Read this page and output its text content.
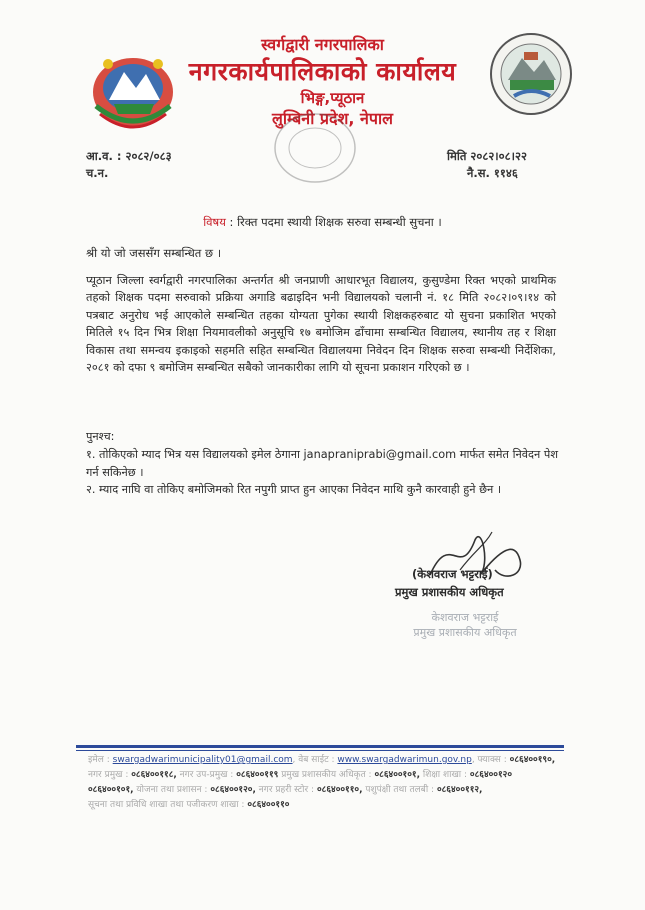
स्वर्गद्वारी नगरपालिका
नगरकार्यपालिकाको कार्यालय
भिङ्ग,प्यूठान
लुम्बिनी प्रदेश, नेपाल
आ.व. : २०८२/०८३
च.न.
मिति २०८२।०८।२२
नै.स. ११४६
विषय : रिक्त पदमा स्थायी शिक्षक सरुवा सम्बन्धी सुचना ।
श्री यो जो जससँग सम्बन्धित छ ।
प्यूठान जिल्ला स्वर्गद्वारी नगरपालिका अन्तर्गत श्री जनप्राणी आधारभूत विद्यालय, कुसुण्डेमा रिक्त भएको प्राथमिक तहको शिक्षक पदमा सरुवाको प्रक्रिया अगाडि बढाइदिन भनी विद्यालयको चलानी नं. १८ मिति २०८२।०९।१४ को पत्रबाट अनुरोध भई आएकोले सम्बन्धित तहका योग्यता पुगेका स्थायी शिक्षकहरुबाट यो सुचना प्रकाशित भएको मितिले १५ दिन भित्र शिक्षा नियमावलीको अनुसूचि १७ बमोजिम ढाँचामा सम्बन्धित विद्यालय, स्थानीय तह र शिक्षा विकास तथा समन्वय इकाइको सहमति सहित सम्बन्धित विद्यालयमा निवेदन दिन शिक्षक सरुवा सम्बन्धी निर्देशिका, २०८१ को दफा ९ बमोजिम सम्बन्धित सबैको जानकारीका लागि यो सूचना प्रकाशन गरिएको छ ।
पुनश्च:
१. तोकिएको म्याद भित्र यस विद्यालयको इमेल ठेगाना janapraniprabi@gmail.com मार्फत समेत निवेदन पेश गर्न सकिनेछ ।
२. म्याद नाघि वा तोकिए बमोजिमको रित नपुगी प्राप्त हुन आएका निवेदन माथि कुनै कारवाही हुने छैन ।
(केशवराज भट्टराई)
प्रमुख प्रशासकीय अधिकृत
केशवराज भट्टराई
प्रमुख प्रशासकीय अधिकृत
इमेल : swargadwarimunicipality01@gmail.com, वेब साईट : www.swargadwarimun.gov.np, फ्याक्स : ०८६४००१९०,
नगर प्रमुख : ०८६४००११८, नगर उप-प्रमुख : ०८६४००११९ प्रमुख प्रशासकीय अधिकृत : ०८६४००१०१, शिक्षा शाखा : ०८६४००१२०
०८६४००१०१, योजना तथा प्रशासन : ०८६४००१२०, नगर प्रहरी स्टोर : ०८६४००११०, पशुपंक्षी तथा तलबी : ०८६४००११२,
सूचना तथा प्रविधि शाखा तथा पजीकरण शाखा : ०८६४००११०
